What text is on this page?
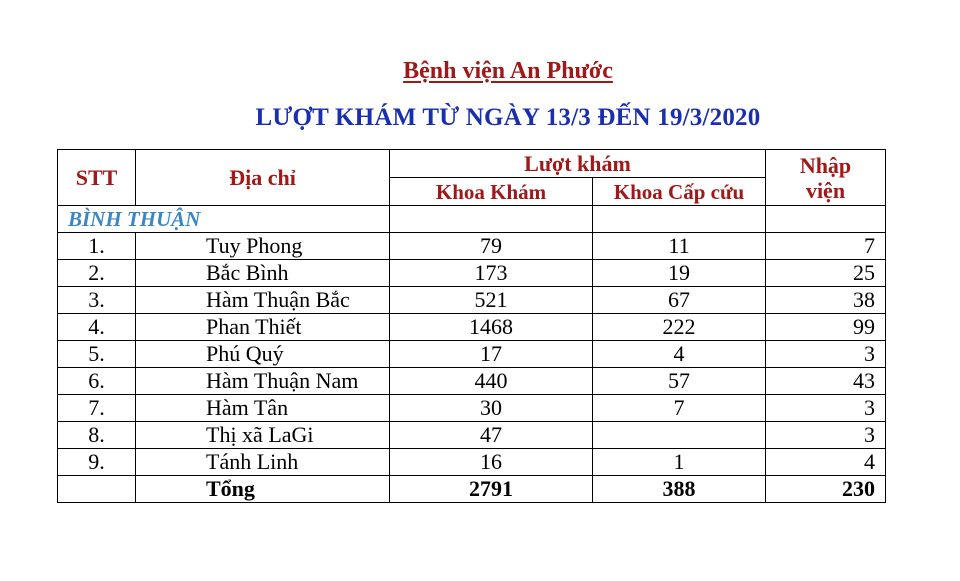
Bệnh viện An Phước
LƯỢT KHÁM TỪ NGÀY 13/3 ĐẾN 19/3/2020
STT	Địa chỉ	Lượt khám		Nhập
viện
		Khoa Khám	Khoa Cấp cứu	
BÌNH THUẬN				
1.	Tuy Phong	79	11	7
2.	Bắc Bình	173	19	25
3.	Hàm Thuận Bắc	521	67	38
4.	Phan Thiết	1468	222	99
5.	Phú Quý	17	4	3
6.	Hàm Thuận Nam	440	57	43
7.	Hàm Tân	30	7	3
8.	Thị xã LaGi	47		3
9.	Tánh Linh	16	1	4
	Tổng	2791	388	230
